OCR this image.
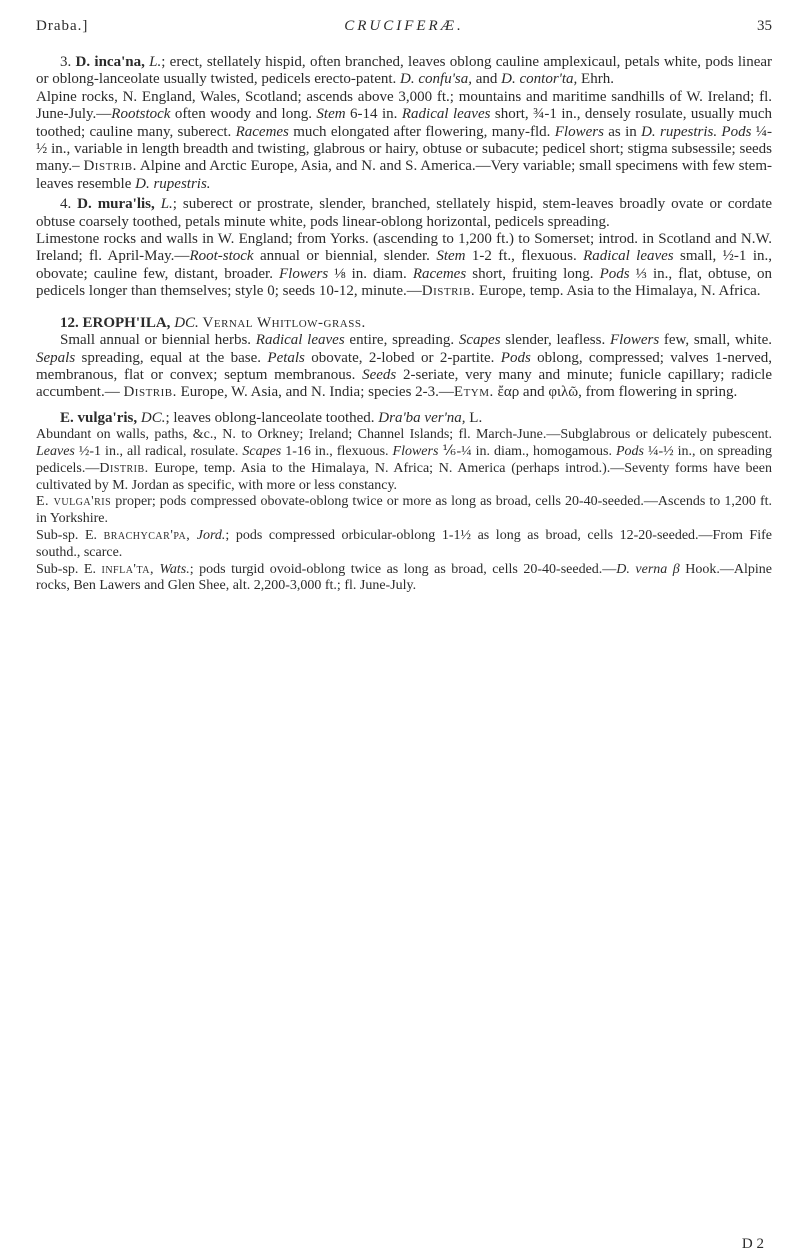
Draba.]	CRUCIFERÆ.	35

3. D. inca'na, L.; erect, stellately hispid, often branched, leaves oblong cauline amplexicaul, petals white, pods linear or oblong-lanceolate usually twisted, pedicels erecto-patent. D. confu'sa, and D. contor'ta, Ehrh.

Alpine rocks, N. England, Wales, Scotland; ascends above 3,000 ft.; mountains and maritime sandhills of W. Ireland; fl. June-July.—Rootstock often woody and long. Stem 6-14 in. Radical leaves short, ¾-1 in., densely rosulate, usually much toothed; cauline many, suberect. Racemes much elongated after flowering, many-fld. Flowers as in D. rupestris. Pods ¼-½ in., variable in length breadth and twisting, glabrous or hairy, obtuse or subacute; pedicel short; stigma subsessile; seeds many.– Distrib. Alpine and Arctic Europe, Asia, and N. and S. America.—Very variable; small specimens with few stem-leaves resemble D. rupestris.

4. D. mura'lis, L.; suberect or prostrate, slender, branched, stellately hispid, stem-leaves broadly ovate or cordate obtuse coarsely toothed, petals minute white, pods linear-oblong horizontal, pedicels spreading.

Limestone rocks and walls in W. England; from Yorks. (ascending to 1,200 ft.) to Somerset; introd. in Scotland and N.W. Ireland; fl. April-May.—Root-stock annual or biennial, slender. Stem 1-2 ft., flexuous. Radical leaves small, ½-1 in., obovate; cauline few, distant, broader. Flowers ⅛ in. diam. Racemes short, fruiting long. Pods ⅓ in., flat, obtuse, on pedicels longer than themselves; style 0; seeds 10-12, minute.—Distrib. Europe, temp. Asia to the Himalaya, N. Africa.

12. EROPH'ILA, DC. Vernal Whitlow-grass.

Small annual or biennial herbs. Radical leaves entire, spreading. Scapes slender, leafless. Flowers few, small, white. Sepals spreading, equal at the base. Petals obovate, 2-lobed or 2-partite. Pods oblong, compressed; valves 1-nerved, membranous, flat or convex; septum membranous. Seeds 2-seriate, very many and minute; funicle capillary; radicle accumbent.— Distrib. Europe, W. Asia, and N. India; species 2-3.—Etym. ἔαρ and φιλῶ, from flowering in spring.

E. vulga'ris, DC.; leaves oblong-lanceolate toothed. Dra'ba ver'na, L.

Abundant on walls, paths, &c., N. to Orkney; Ireland; Channel Islands; fl. March-June.—Subglabrous or delicately pubescent. Leaves ½-1 in., all radical, rosulate. Scapes 1-16 in., flexuous. Flowers ⅙-¼ in. diam., homogamous. Pods ¼-½ in., on spreading pedicels.—Distrib. Europe, temp. Asia to the Himalaya, N. Africa; N. America (perhaps introd.).—Seventy forms have been cultivated by M. Jordan as specific, with more or less constancy.

E. vulga'ris proper; pods compressed obovate-oblong twice or more as long as broad, cells 20-40-seeded.—Ascends to 1,200 ft. in Yorkshire.

Sub-sp. E. brachycar'pa, Jord.; pods compressed orbicular-oblong 1-1½ as long as broad, cells 12-20-seeded.—From Fife southd., scarce.

Sub-sp. E. infla'ta, Wats.; pods turgid ovoid-oblong twice as long as broad, cells 20-40-seeded.—D. verna β Hook.—Alpine rocks, Ben Lawers and Glen Shee, alt. 2,200-3,000 ft.; fl. June-July.

D 2
